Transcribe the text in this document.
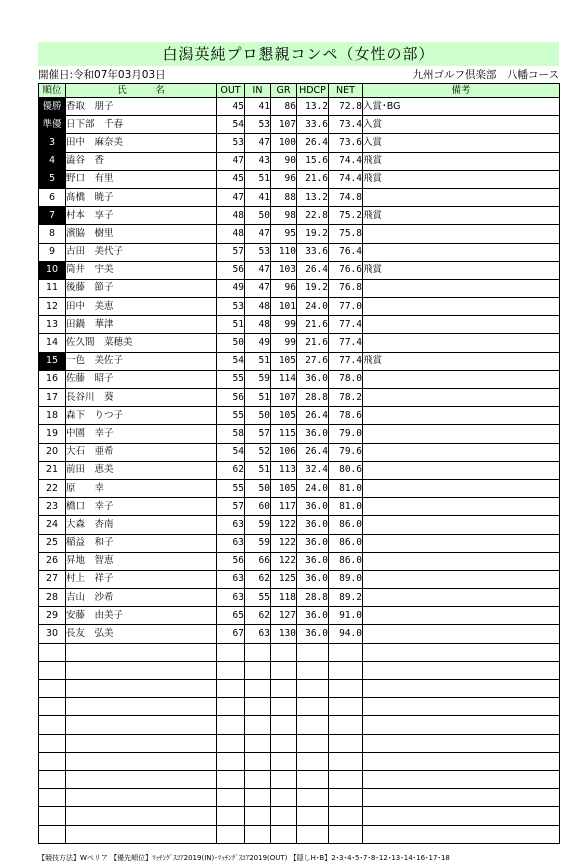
白潟英純プロ懇親コンペ（女性の部）
開催日:令和07年03月03日	九州ゴルフ倶楽部　八幡コース
順位	氏　　　名	OUT	IN	GR	HDCP	NET	備考
優勝	香取　朋子	45	41	86	13.2	72.8	入賞･BG
準優	日下部　千春	54	53	107	33.6	73.4	入賞
3	田中　麻奈美	53	47	100	26.4	73.6	入賞
4	澁谷　香	47	43	90	15.6	74.4	飛賞
5	野口　有里	45	51	96	21.6	74.4	飛賞
6	髙橋　暁子	47	41	88	13.2	74.8	
7	村本　享子	48	50	98	22.8	75.2	飛賞
8	濱脇　樹里	48	47	95	19.2	75.8	
9	古田　美代子	57	53	110	33.6	76.4	
10	筒井　宇美	56	47	103	26.4	76.6	飛賞
11	後藤　節子	49	47	96	19.2	76.8	
12	田中　美恵	53	48	101	24.0	77.0	
13	田鍋　華津	51	48	99	21.6	77.4	
14	佐久間　菜穂美	50	49	99	21.6	77.4	
15	一色　美佐子	54	51	105	27.6	77.4	飛賞
16	佐藤　昭子	55	59	114	36.0	78.0	
17	長谷川　葵	56	51	107	28.8	78.2	
18	森下　りつ子	55	50	105	26.4	78.6	
19	中園　幸子	58	57	115	36.0	79.0	
20	大石　亜希	54	52	106	26.4	79.6	
21	前田　恵美	62	51	113	32.4	80.6	
22	原　　幸	55	50	105	24.0	81.0	
23	橋口　幸子	57	60	117	36.0	81.0	
24	大森　杏南	63	59	122	36.0	86.0	
25	稲益　和子	63	59	122	36.0	86.0	
26	昇地　智恵	56	66	122	36.0	86.0	
27	村上　祥子	63	62	125	36.0	89.0	
28	吉山　沙希	63	55	118	28.8	89.2	
29	安藤　由美子	65	62	127	36.0	91.0	
30	長友　弘美	67	63	130	36.0	94.0	

【競技方法】Wペリア 【優先順位】ﾏｯﾁﾝｸﾞｽｺｱ2019(IN)･ﾏｯﾁﾝｸﾞｽｺｱ2019(OUT) 【隠しH･B】2･3･4･5･7･8･12･13･14･16･17･18
